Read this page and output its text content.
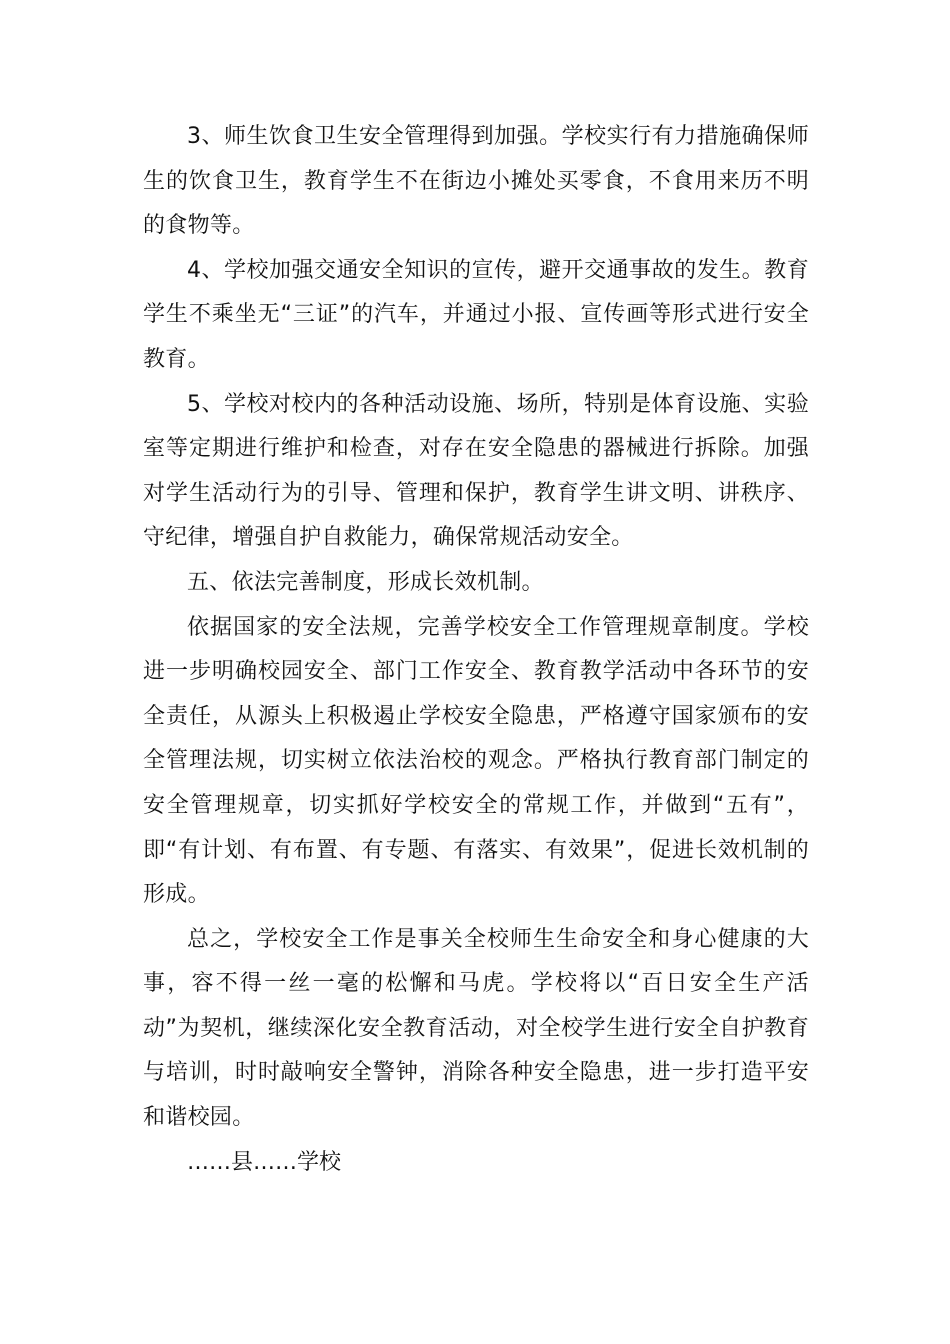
3、师生饮食卫生安全管理得到加强。学校实行有力措施确保师生的饮食卫生，教育学生不在街边小摊处买零食，不食用来历不明的食物等。

4、学校加强交通安全知识的宣传，避开交通事故的发生。教育学生不乘坐无“三证”的汽车，并通过小报、宣传画等形式进行安全教育。

5、学校对校内的各种活动设施、场所，特别是体育设施、实验室等定期进行维护和检查，对存在安全隐患的器械进行拆除。加强对学生活动行为的引导、管理和保护，教育学生讲文明、讲秩序、守纪律，增强自护自救能力，确保常规活动安全。

五、依法完善制度，形成长效机制。

依据国家的安全法规，完善学校安全工作管理规章制度。学校进一步明确校园安全、部门工作安全、教育教学活动中各环节的安全责任，从源头上积极遏止学校安全隐患，严格遵守国家颁布的安全管理法规，切实树立依法治校的观念。严格执行教育部门制定的安全管理规章，切实抓好学校安全的常规工作，并做到“五有”，即“有计划、有布置、有专题、有落实、有效果”，促进长效机制的形成。

总之，学校安全工作是事关全校师生生命安全和身心健康的大事，容不得一丝一毫的松懈和马虎。学校将以“百日安全生产活动”为契机，继续深化安全教育活动，对全校学生进行安全自护教育与培训，时时敲响安全警钟，消除各种安全隐患，进一步打造平安和谐校园。

……县……学校
